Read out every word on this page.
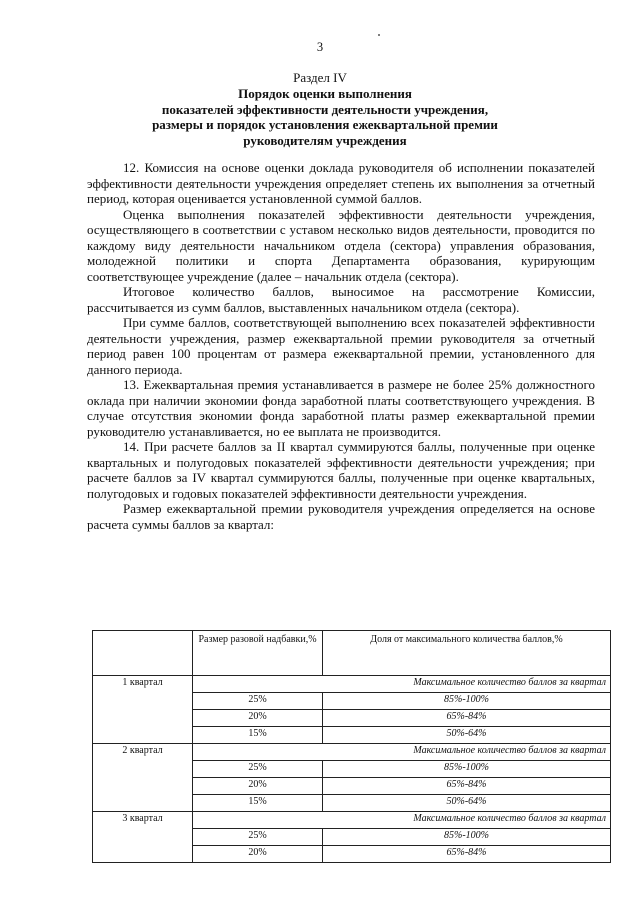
3
Раздел IV
Порядок оценки выполнения
показателей эффективности деятельности учреждения,
размеры и порядок установления ежеквартальной премии
руководителям учреждения

12. Комиссия на основе оценки доклада руководителя об исполнении показателей эффективности деятельности учреждения определяет степень их выполнения за отчетный период, которая оценивается установленной суммой баллов.

Оценка выполнения показателей эффективности деятельности учреждения, осуществляющего в соответствии с уставом несколько видов деятельности, проводится по каждому виду деятельности начальником отдела (сектора) управления образования, молодежной политики и спорта Департамента образования, курирующим соответствующее учреждение (далее – начальник отдела (сектора).

Итоговое количество баллов, выносимое на рассмотрение Комиссии, рассчитывается из сумм баллов, выставленных начальником отдела (сектора).

При сумме баллов, соответствующей выполнению всех показателей эффективности деятельности учреждения, размер ежеквартальной премии руководителя за отчетный период равен 100 процентам от размера ежеквартальной премии, установленного для данного периода.

13. Ежеквартальная премия устанавливается в размере не более 25% должностного оклада при наличии экономии фонда заработной платы соответствующего учреждения. В случае отсутствия экономии фонда заработной платы размер ежеквартальной премии руководителю устанавливается, но ее выплата не производится.

14. При расчете баллов за II квартал суммируются баллы, полученные при оценке квартальных и полугодовых показателей эффективности деятельности учреждения; при расчете баллов за IV квартал суммируются баллы, полученные при оценке квартальных, полугодовых и годовых показателей эффективности деятельности учреждения.

Размер ежеквартальной премии руководителя учреждения определяется на основе расчета суммы баллов за квартал:

	Размер разовой надбавки,%	Доля от максимального количества баллов,%
1 квартал	Максимальное количество баллов за квартал	
	25%	85%-100%
	20%	65%-84%
	15%	50%-64%
2 квартал	Максимальное количество баллов за квартал	
	25%	85%-100%
	20%	65%-84%
	15%	50%-64%
3 квартал	Максимальное количество баллов за квартал	
	25%	85%-100%
	20%	65%-84%
